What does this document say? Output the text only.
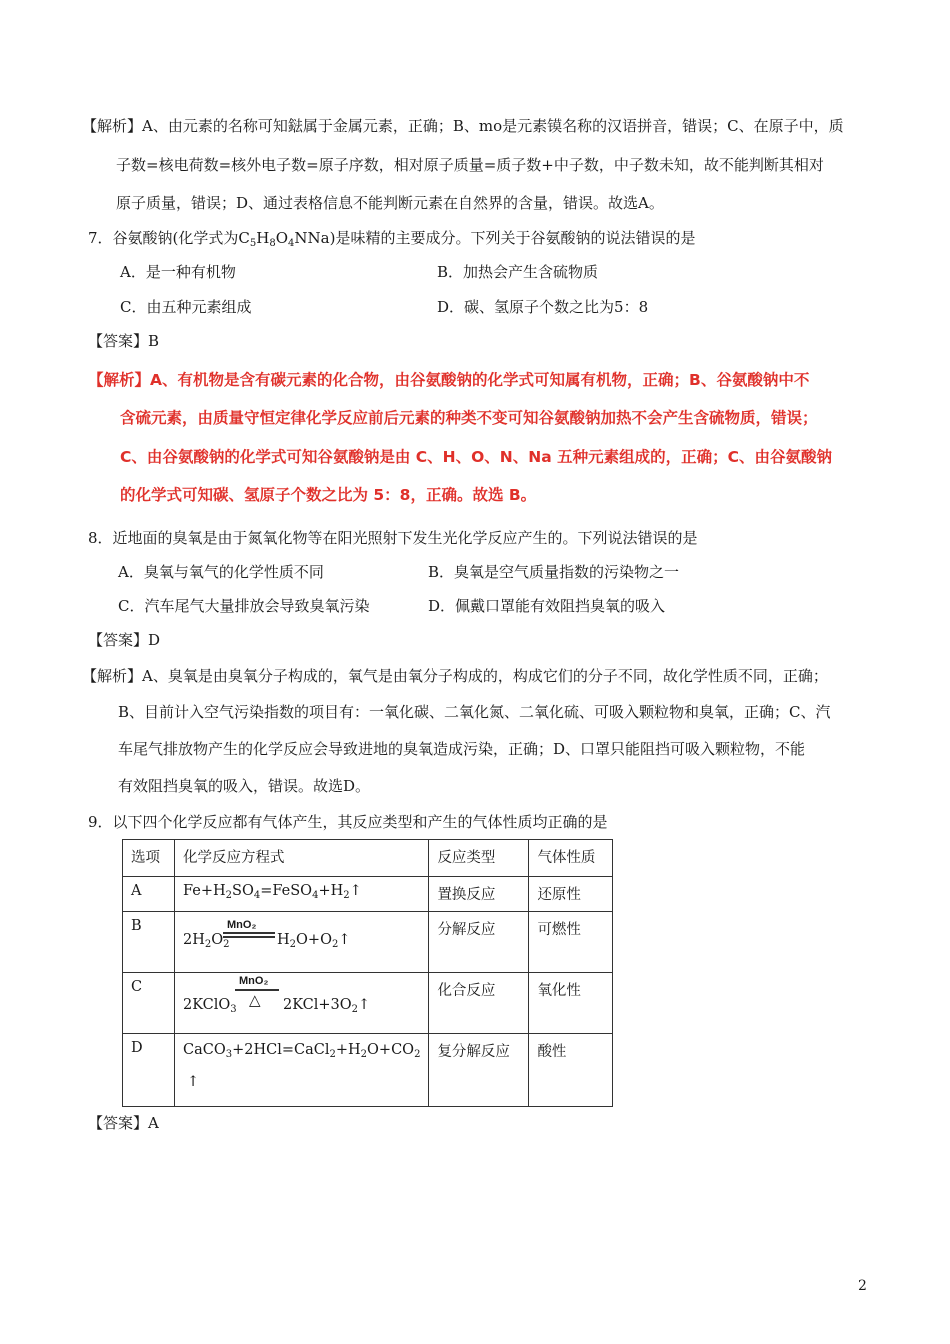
【解析】A、由元素的名称可知鍅属于金属元素，正确；B、mo是元素镆名称的汉语拼音，错误；C、在原子中，质
子数=核电荷数=核外电子数=原子序数，相对原子质量=质子数+中子数，中子数未知，故不能判断其相对
原子质量，错误；D、通过表格信息不能判断元素在自然界的含量，错误。故选A。
7．谷氨酸钠(化学式为$C_5H_8O_4NNa$)是味精的主要成分。下列关于谷氨酸钠的说法错误的是
A．是一种有机物	B．加热会产生含硫物质
C．由五种元素组成	D．碳、氢原子个数之比为5：8
【答案】B
【解析】A、有机物是含有碳元素的化合物，由谷氨酸钠的化学式可知属有机物，正确；B、谷氨酸钠中不
含硫元素，由质量守恒定律化学反应前后元素的种类不变可知谷氨酸钠加热不会产生含硫物质，错误；
C、由谷氨酸钠的化学式可知谷氨酸钠是由 C、H、O、N、Na 五种元素组成的，正确；C、由谷氨酸钠
的化学式可知碳、氢原子个数之比为 5：8，正确。故选 B。
8．近地面的臭氧是由于氮氧化物等在阳光照射下发生光化学反应产生的。下列说法错误的是
A．臭氧与氧气的化学性质不同	B．臭氧是空气质量指数的污染物之一
C．汽车尾气大量排放会导致臭氧污染	D．佩戴口罩能有效阻挡臭氧的吸入
【答案】D
【解析】A、臭氧是由臭氧分子构成的，氧气是由氧分子构成的，构成它们的分子不同，故化学性质不同，正确；
B、目前计入空气污染指数的项目有：一氧化碳、二氧化氮、二氧化硫、可吸入颗粒物和臭氧，正确；C、汽
车尾气排放物产生的化学反应会导致进地的臭氧造成污染，正确；D、口罩只能阻挡可吸入颗粒物，不能
有效阻挡臭氧的吸入，错误。故选D。
9．以下四个化学反应都有气体产生，其反应类型和产生的气体性质均正确的是
选项	化学反应方程式	反应类型	气体性质
A	$Fe+H_2SO_4=FeSO_4+H_2↑$	置换反应	还原性
B	$2H_2O_2$
MnO₂
$H_2O+O_2↑$	分解反应	可燃性
C	MnO₂
△
2KClO$_3$ $2KCl+3O_2↑$	化合反应	氧化性
D	$CaCO_3+2HCl=CaCl_2+H_2O+CO_2$
↑	复分解反应	酸性
【答案】A
2
